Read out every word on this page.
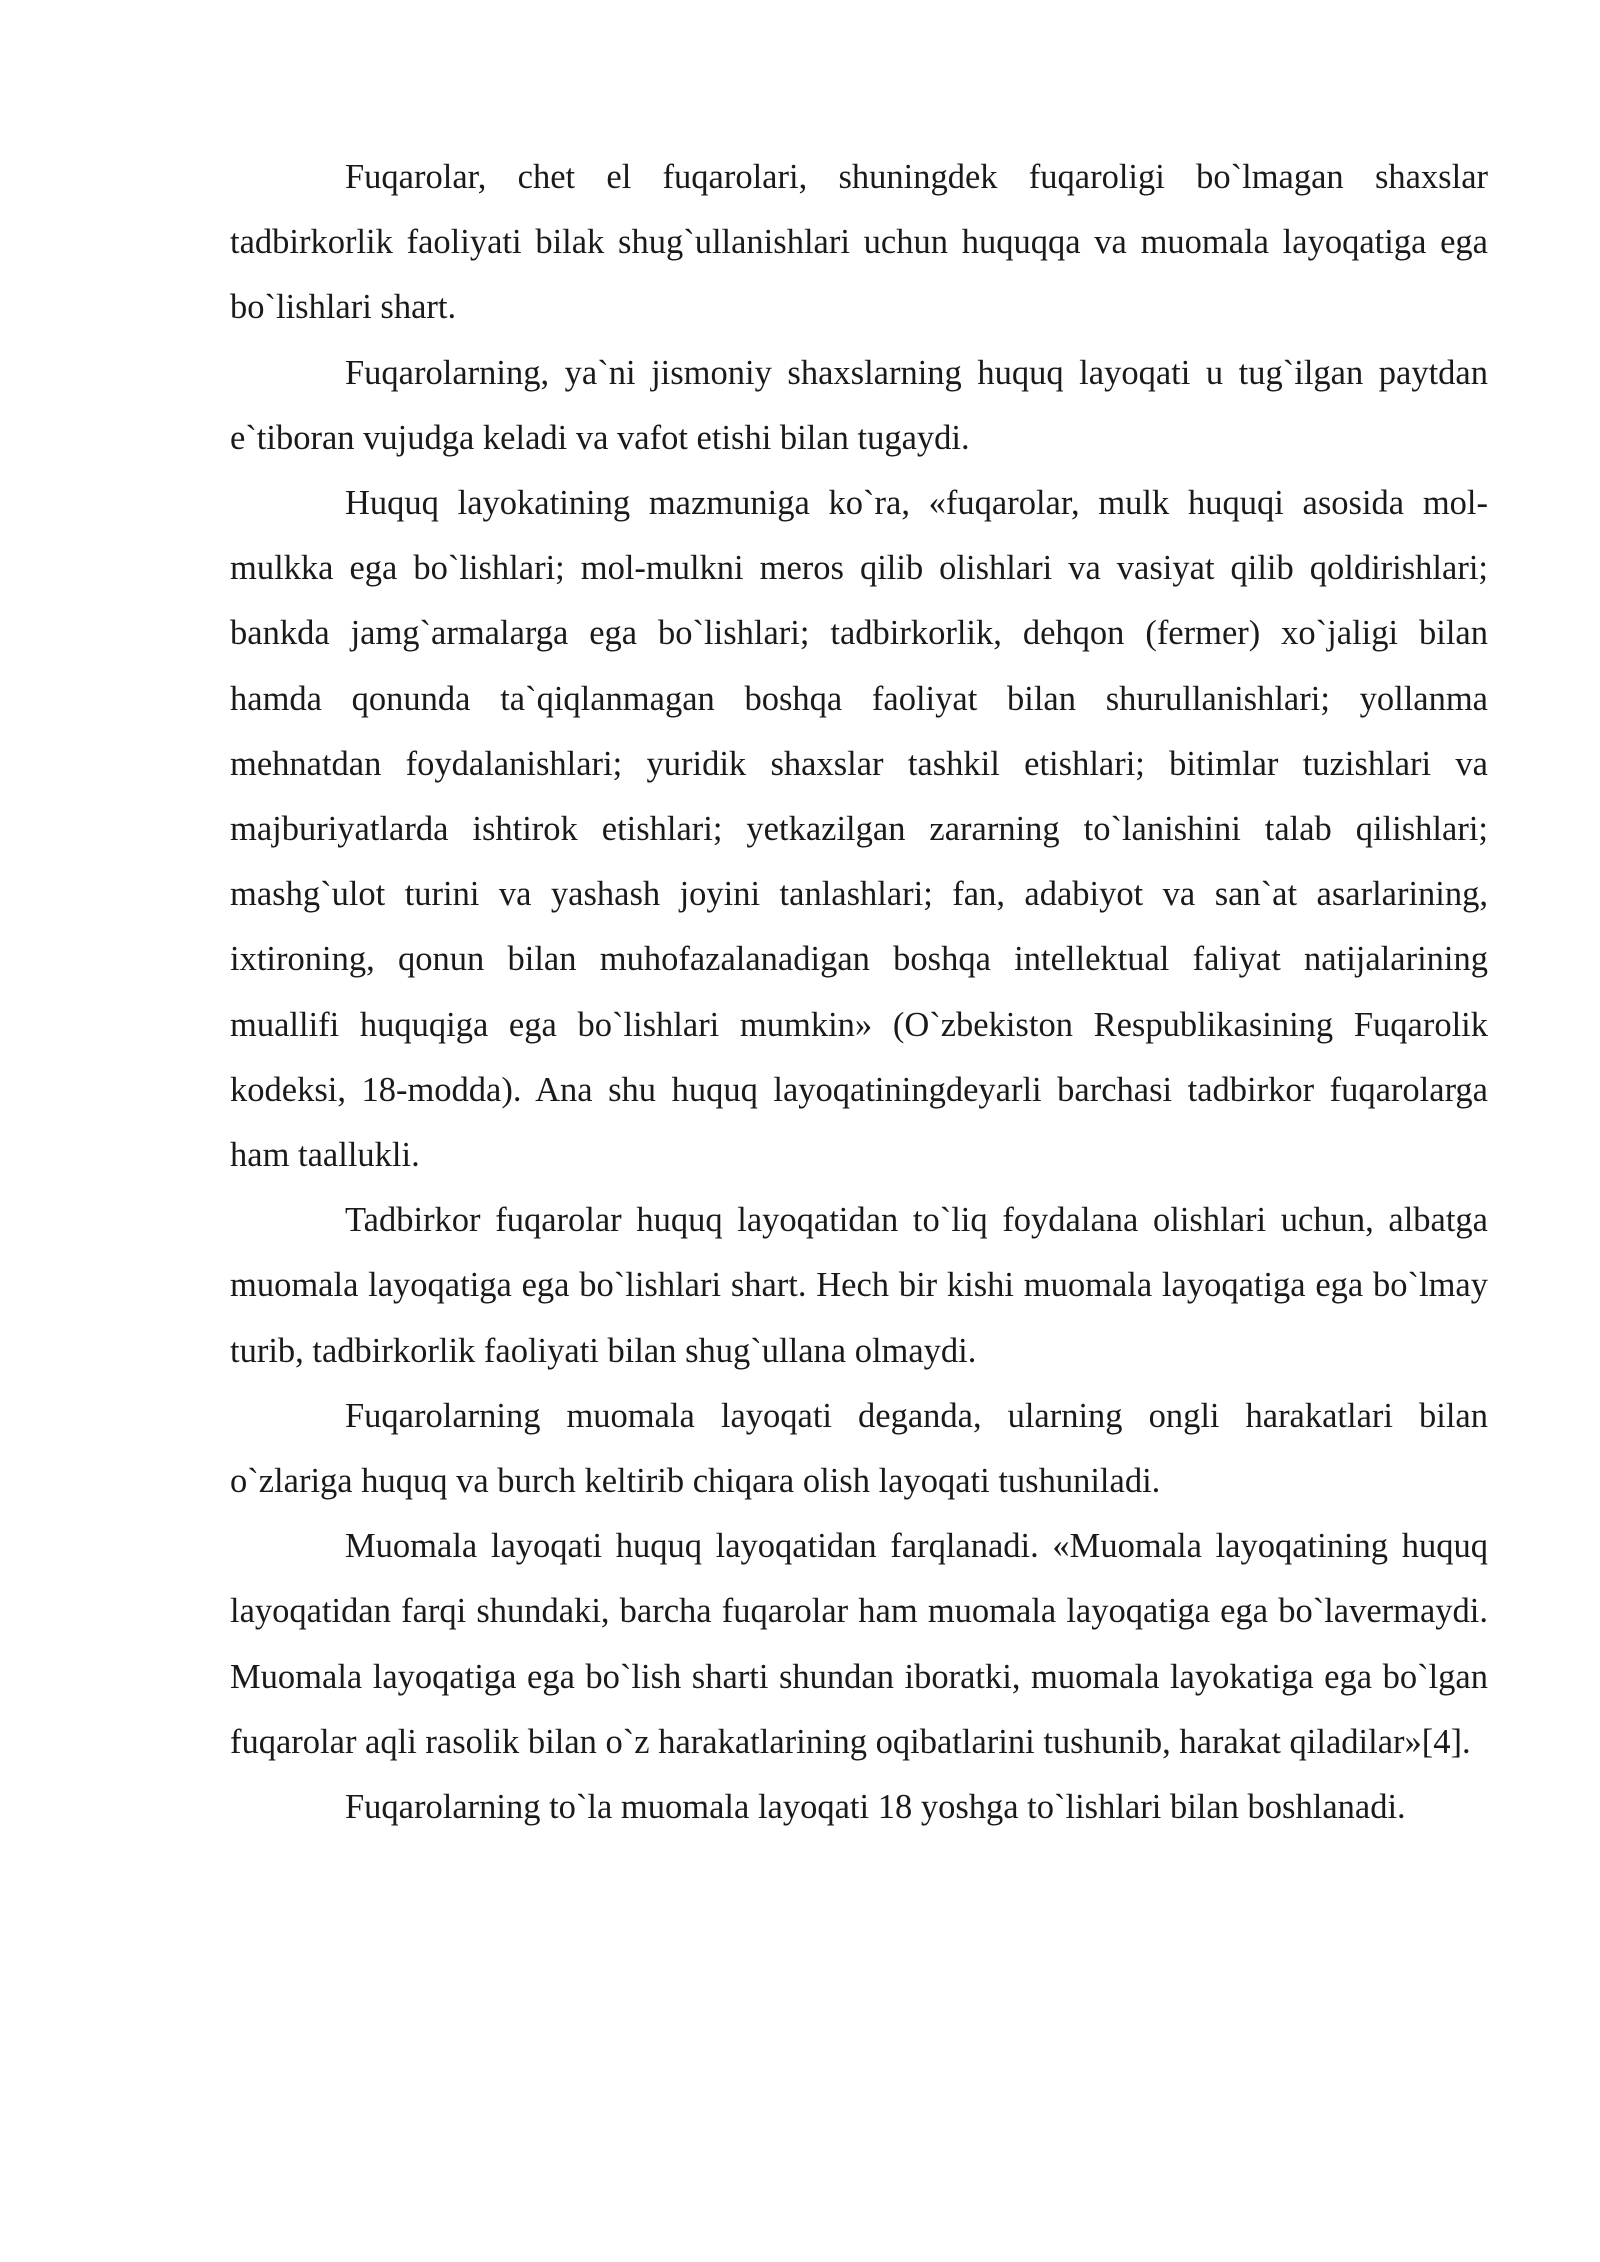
Fuqarolar, chet el fuqarolari, shuningdek fuqaroligi bo`lmagan shaxslar tadbirkorlik faoliyati bilak shug`ullanishlari uchun huquqqa va muomala layoqatiga ega bo`lishlari shart.

Fuqarolarning, ya`ni jismoniy shaxslarning huquq layoqati u tug`ilgan paytdan e`tiboran vujudga keladi va vafot etishi bilan tugaydi.

Huquq layokatining mazmuniga ko`ra, «fuqarolar, mulk huquqi asosida mol-mulkka ega bo`lishlari; mol-mulkni meros qilib olishlari va vasiyat qilib qoldirishlari; bankda jamg`armalarga ega bo`lishlari; tadbirkorlik, dehqon (fermer) xo`jaligi bilan hamda qonunda ta`qiqlanmagan boshqa faoliyat bilan shurullanishlari; yollanma mehnatdan foydalanishlari; yuridik shaxslar tashkil etishlari; bitimlar tuzishlari va majburiyatlarda ishtirok etishlari; yetkazilgan zararning to`lanishini talab qilishlari; mashg`ulot turini va yashash joyini tanlashlari; fan, adabiyot va san`at asarlarining, ixtironing, qonun bilan muhofazalanadigan boshqa intellektual faliyat natijalarining muallifi huquqiga ega bo`lishlari mumkin» (O`zbekiston Respublikasining Fuqarolik kodeksi, 18-modda). Ana shu huquq layoqatiningdeyarli barchasi tadbirkor fuqarolarga ham taallukli.

Tadbirkor fuqarolar huquq layoqatidan to`liq foydalana olishlari uchun, albatga muomala layoqatiga ega bo`lishlari shart. Hech bir kishi muomala layoqatiga ega bo`lmay turib, tadbirkorlik faoliyati bilan shug`ullana olmaydi.

Fuqarolarning muomala layoqati deganda, ularning ongli harakatlari bilan o`zlariga huquq va burch keltirib chiqara olish layoqati tushuniladi.

Muomala layoqati huquq layoqatidan farqlanadi. «Muomala layoqatining huquq layoqatidan farqi shundaki, barcha fuqarolar ham muomala layoqatiga ega bo`lavermaydi. Muomala layoqatiga ega bo`lish sharti shundan iboratki, muomala layokatiga ega bo`lgan fuqarolar aqli rasolik bilan o`z harakatlarining oqibatlarini tushunib, harakat qiladilar»[4].

Fuqarolarning to`la muomala layoqati 18 yoshga to`lishlari bilan boshlanadi.
